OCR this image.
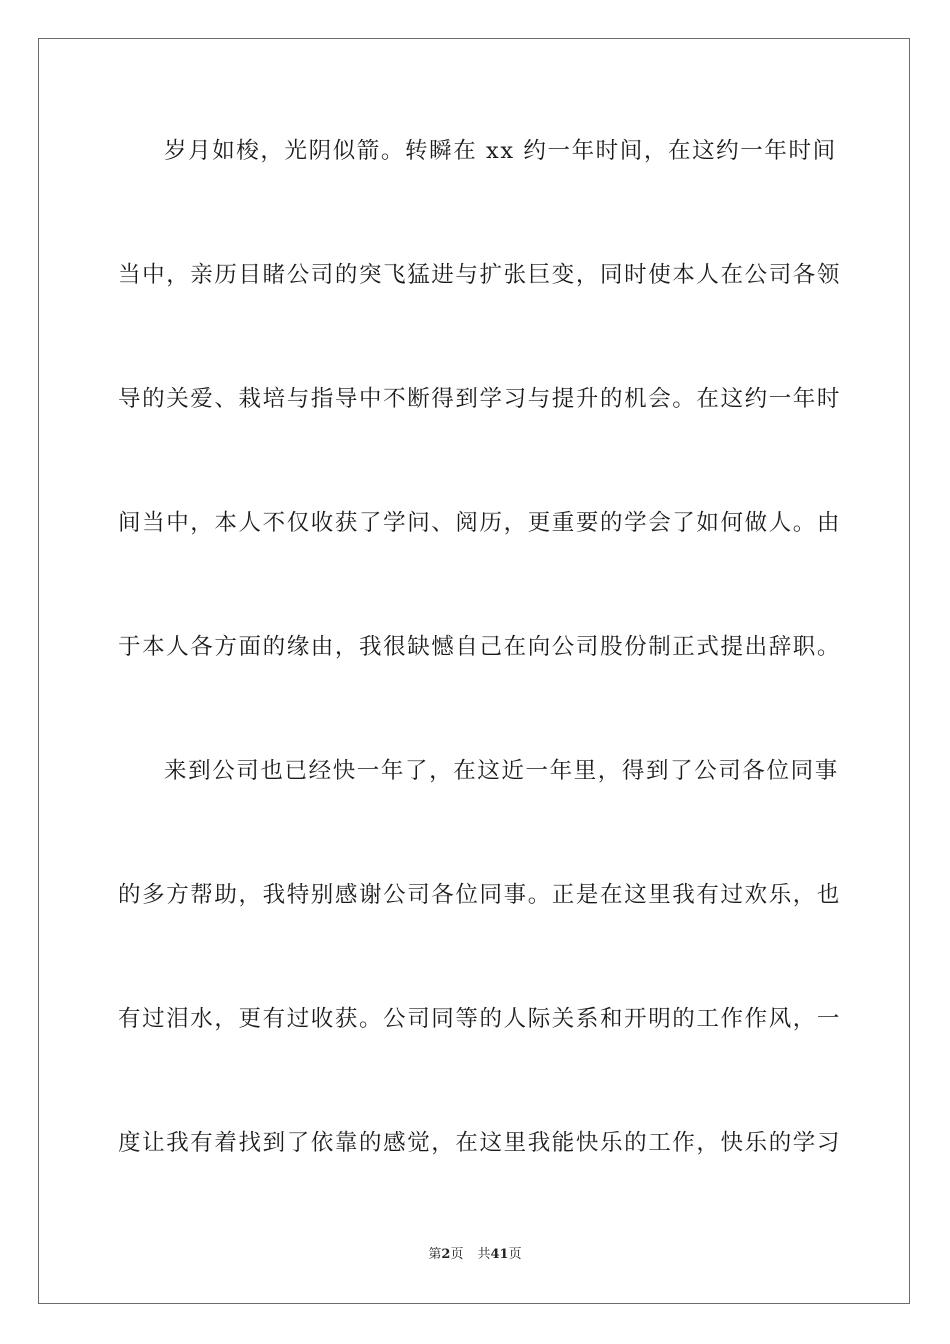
岁月如梭，光阴似箭。转瞬在 xx 约一年时间，在这约一年时间
当中，亲历目睹公司的突飞猛进与扩张巨变，同时使本人在公司各领
导的关爱、栽培与指导中不断得到学习与提升的机会。在这约一年时
间当中，本人不仅收获了学问、阅历，更重要的学会了如何做人。由
于本人各方面的缘由，我很缺憾自己在向公司股份制正式提出辞职。
来到公司也已经快一年了，在这近一年里，得到了公司各位同事
的多方帮助，我特别感谢公司各位同事。正是在这里我有过欢乐，也
有过泪水，更有过收获。公司同等的人际关系和开明的工作作风，一
度让我有着找到了依靠的感觉，在这里我能快乐的工作，快乐的学习
第2页 共41页
